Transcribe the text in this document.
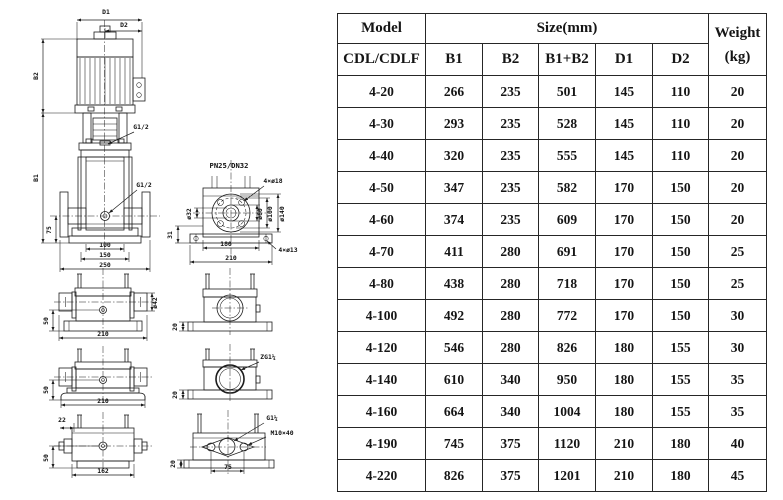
D1
D2
B2
B1
75
100
150
250
G1/2
G1/2
PN25/DN32
4×ø18
ø32	ø60 ø100 ø140
31
180
210
4×ø13
50
ø42
210
50
210
22
50
162
20
ZG1¼
20
G1¼
M10×40
20	75
Model	Size(mm)					Weight
(kg)

CDL/CDLF	B1	B2	B1+B2	D1	D2	
4-20	266	235	501	145	110	20
4-30	293	235	528	145	110	20
4-40	320	235	555	145	110	20
4-50	347	235	582	170	150	20
4-60	374	235	609	170	150	20
4-70	411	280	691	170	150	25
4-80	438	280	718	170	150	25
4-100	492	280	772	170	150	30
4-120	546	280	826	180	155	30
4-140	610	340	950	180	155	35
4-160	664	340	1004	180	155	35
4-190	745	375	1120	210	180	40
4-220	826	375	1201	210	180	45
